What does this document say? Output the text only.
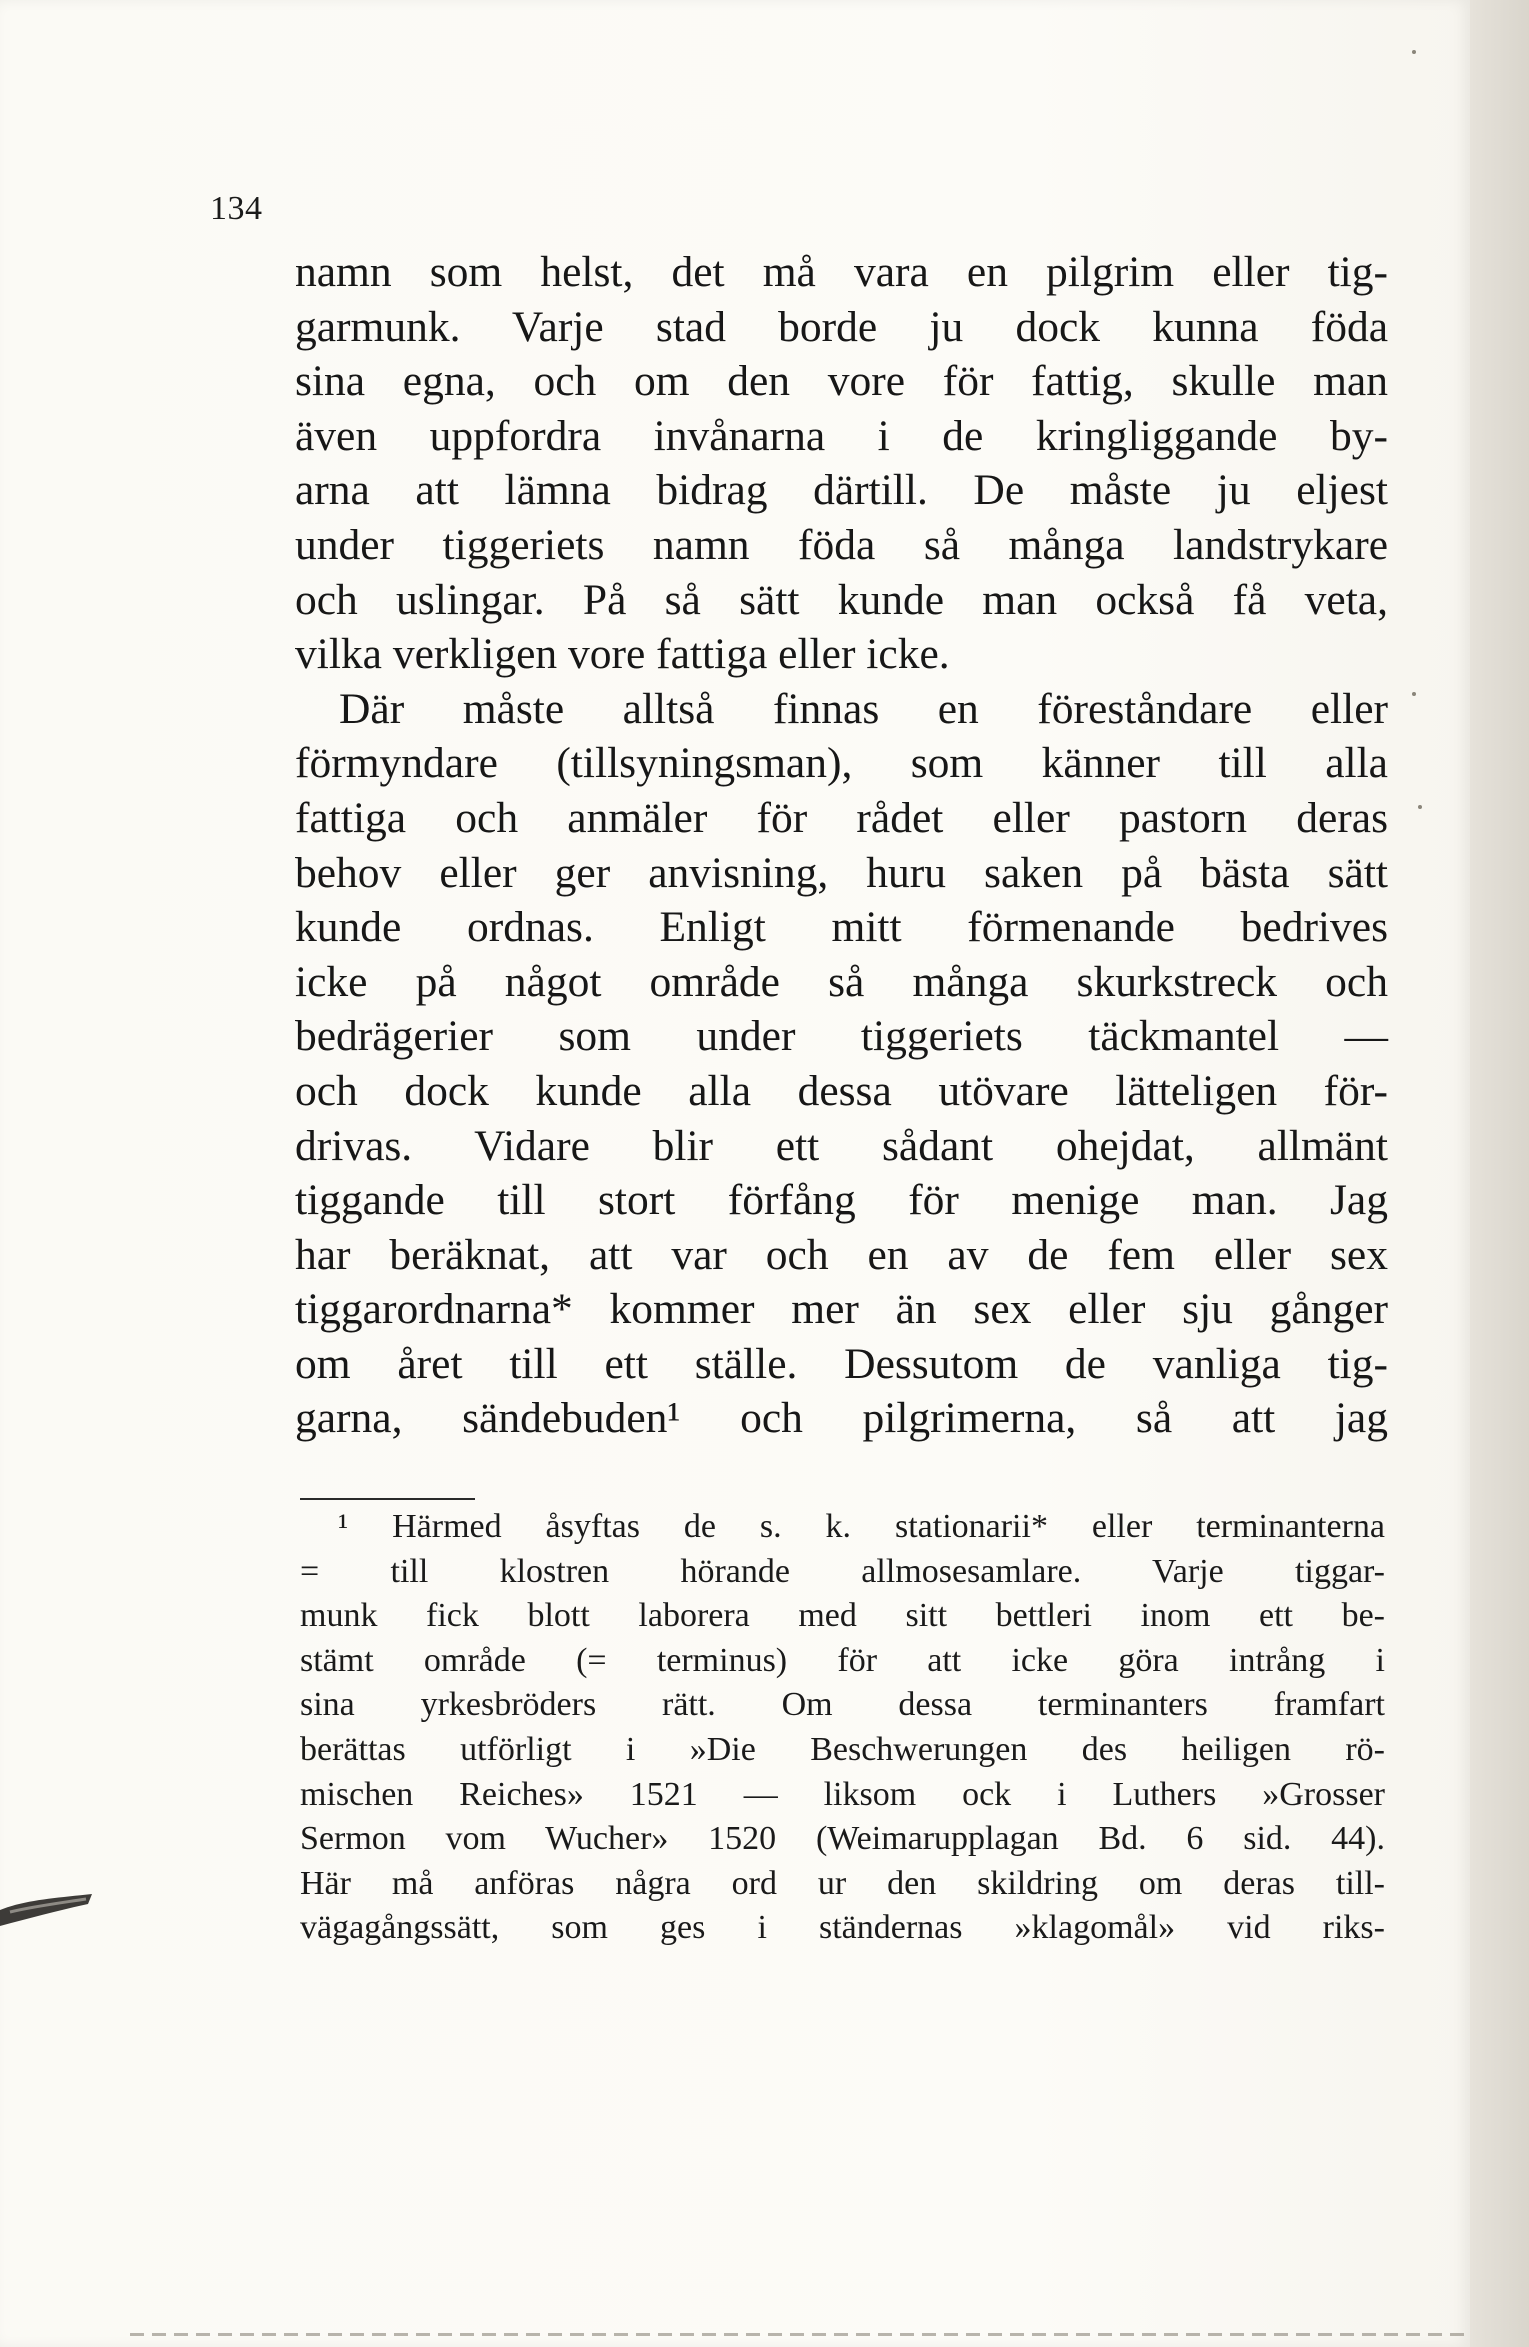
134
namn som helst, det må vara en pilgrim eller tig-
garmunk. Varje stad borde ju dock kunna föda
sina egna, och om den vore för fattig, skulle man
även uppfordra invånarna i de kringliggande by-
arna att lämna bidrag därtill. De måste ju eljest
under tiggeriets namn föda så många landstrykare
och uslingar. På så sätt kunde man också få veta,
vilka verkligen vore fattiga eller icke.
Där måste alltså finnas en föreståndare eller
förmyndare (tillsyningsman), som känner till alla
fattiga och anmäler för rådet eller pastorn deras
behov eller ger anvisning, huru saken på bästa sätt
kunde ordnas. Enligt mitt förmenande bedrives
icke på något område så många skurkstreck och
bedrägerier som under tiggeriets täckmantel —
och dock kunde alla dessa utövare lätteligen för-
drivas. Vidare blir ett sådant ohejdat, allmänt
tiggande till stort förfång för menige man. Jag
har beräknat, att var och en av de fem eller sex
tiggarordnarna* kommer mer än sex eller sju gånger
om året till ett ställe. Dessutom de vanliga tig-
garna, sändebuden¹ och pilgrimerna, så att jag
¹ Härmed åsyftas de s. k. stationarii* eller terminanterna
= till klostren hörande allmosesamlare. Varje tiggar-
munk fick blott laborera med sitt bettleri inom ett be-
stämt område (= terminus) för att icke göra intrång i
sina yrkesbröders rätt. Om dessa terminanters framfart
berättas utförligt i »Die Beschwerungen des heiligen rö-
mischen Reiches» 1521 — liksom ock i Luthers »Grosser
Sermon vom Wucher» 1520 (Weimarupplagan Bd. 6 sid. 44).
Här må anföras några ord ur den skildring om deras till-
vägagångssätt, som ges i ständernas »klagomål» vid riks-
